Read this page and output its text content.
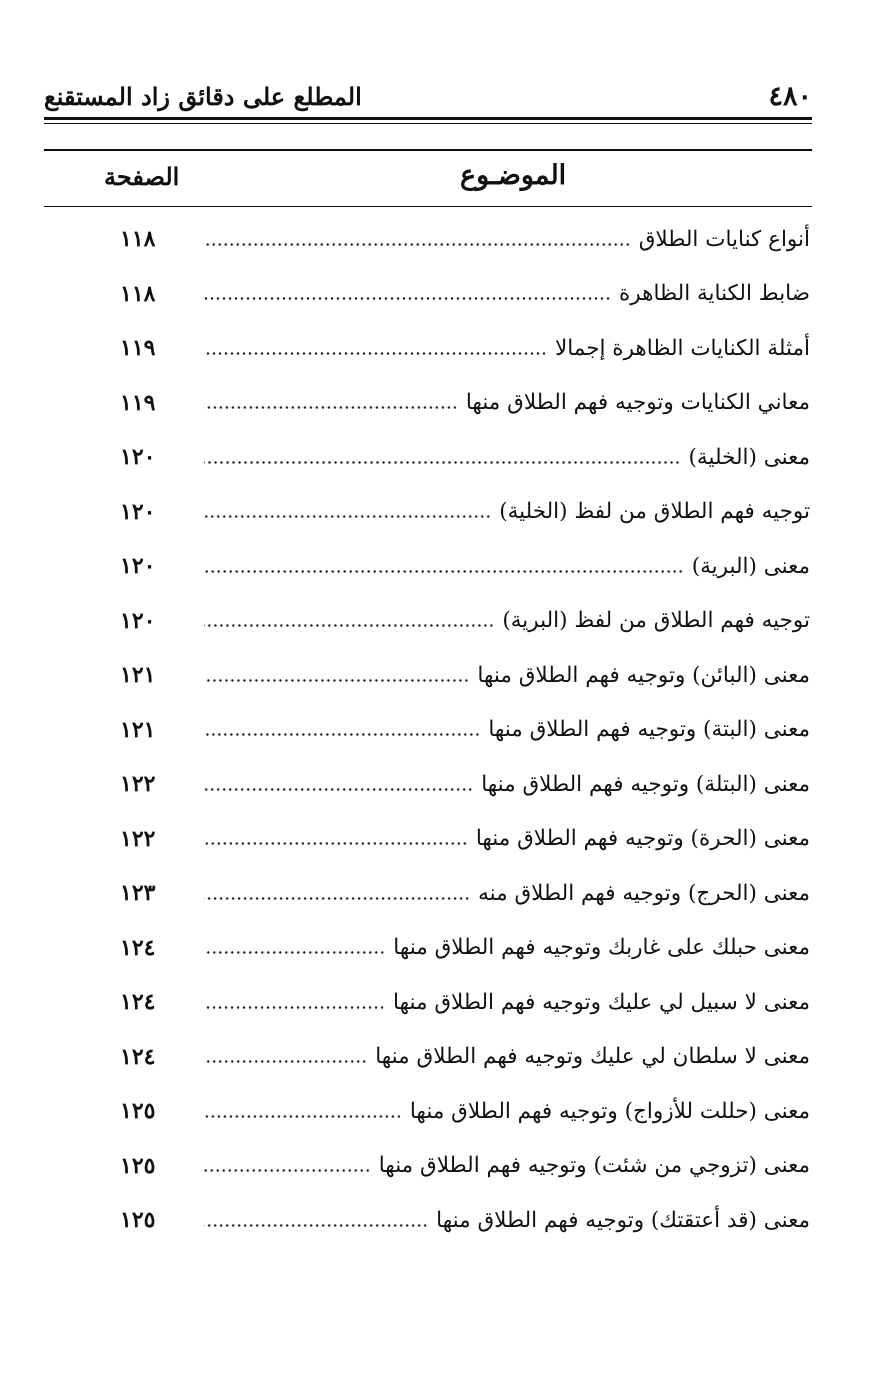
٤٨٠
المطلع على دقائق زاد المستقنع
الموضـوع
الصفحة
أنواع كنايات الطلاق
١١٨
ضابط الكناية الظاهرة
١١٨
أمثلة الكنايات الظاهرة إجمالا
١١٩
معاني الكنايات وتوجيه فهم الطلاق منها
١١٩
معنى (الخلية)
١٢٠
توجيه فهم الطلاق من لفظ (الخلية)
١٢٠
معنى (البرية)
١٢٠
توجيه فهم الطلاق من لفظ (البرية)
١٢٠
معنى (البائن) وتوجيه فهم الطلاق منها
١٢١
معنى (البتة) وتوجيه فهم الطلاق منها
١٢١
معنى (البتلة) وتوجيه فهم الطلاق منها
١٢٢
معنى (الحرة) وتوجيه فهم الطلاق منها
١٢٢
معنى (الحرج) وتوجيه فهم الطلاق منه
١٢٣
معنى حبلك على غاربك وتوجيه فهم الطلاق منها
١٢٤
معنى لا سبيل لي عليك وتوجيه فهم الطلاق منها
١٢٤
معنى لا سلطان لي عليك وتوجيه فهم الطلاق منها
١٢٤
معنى (حللت للأزواج) وتوجيه فهم الطلاق منها
١٢٥
معنى (تزوجي من شئت) وتوجيه فهم الطلاق منها
١٢٥
معنى (قد أعتقتك) وتوجيه فهم الطلاق منها
١٢٥
